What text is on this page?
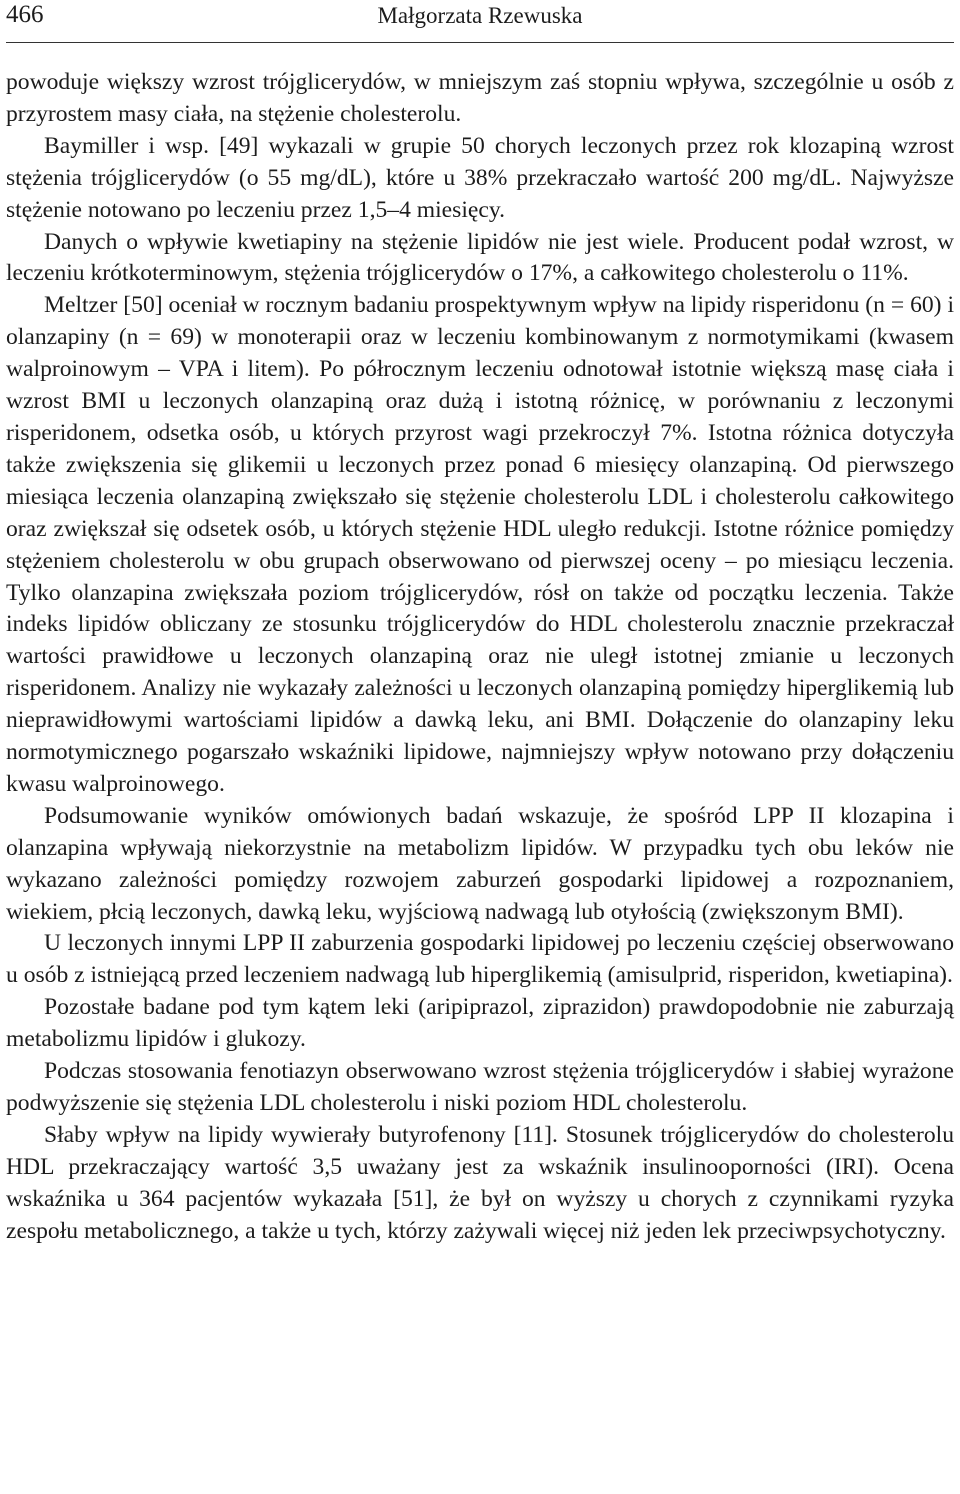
466	Małgorzata Rzewuska

powoduje większy wzrost trójglicerydów, w mniejszym zaś stopniu wpływa, szczególnie u osób z przyrostem masy ciała, na stężenie cholesterolu.

Baymiller i wsp. [49] wykazali w grupie 50 chorych leczonych przez rok klozapiną wzrost stężenia trójglicerydów (o 55 mg/dL), które u 38% przekraczało wartość 200 mg/dL. Najwyższe stężenie notowano po leczeniu przez 1,5–4 miesięcy.

Danych o wpływie kwetiapiny na stężenie lipidów nie jest wiele. Producent podał wzrost, w leczeniu krótkoterminowym, stężenia trójglicerydów o 17%, a całkowitego cholesterolu o 11%.

Meltzer [50] oceniał w rocznym badaniu prospektywnym wpływ na lipidy risperidonu (n = 60) i olanzapiny (n = 69) w monoterapii oraz w leczeniu kombinowanym z normotymikami (kwasem walproinowym – VPA i litem). Po półrocznym leczeniu odnotował istotnie większą masę ciała i wzrost BMI u leczonych olanzapiną oraz dużą i istotną różnicę, w porównaniu z leczonymi risperidonem, odsetka osób, u których przyrost wagi przekroczył 7%. Istotna różnica dotyczyła także zwiększenia się glikemii u leczonych przez ponad 6 miesięcy olanzapiną. Od pierwszego miesiąca leczenia olanzapiną zwiększało się stężenie cholesterolu LDL i cholesterolu całkowitego oraz zwiększał się odsetek osób, u których stężenie HDL uległo redukcji. Istotne różnice pomiędzy stężeniem cholesterolu w obu grupach obserwowano od pierwszej oceny – po miesiącu leczenia. Tylko olanzapina zwiększała poziom trójglicerydów, rósł on także od początku leczenia. Także indeks lipidów obliczany ze stosunku trójglicerydów do HDL cholesterolu znacznie przekraczał wartości prawidłowe u leczonych olanzapiną oraz nie uległ istotnej zmianie u leczonych risperidonem. Analizy nie wykazały zależności u leczonych olanzapiną pomiędzy hiperglikemią lub nieprawidłowymi wartościami lipidów a dawką leku, ani BMI. Dołączenie do olanzapiny leku normotymicznego pogarszało wskaźniki lipidowe, najmniejszy wpływ notowano przy dołączeniu kwasu walproinowego.

Podsumowanie wyników omówionych badań wskazuje, że spośród LPP II klozapina i olanzapina wpływają niekorzystnie na metabolizm lipidów. W przypadku tych obu leków nie wykazano zależności pomiędzy rozwojem zaburzeń gospodarki lipidowej a rozpoznaniem, wiekiem, płcią leczonych, dawką leku, wyjściową nadwagą lub otyłością (zwiększonym BMI).

U leczonych innymi LPP II zaburzenia gospodarki lipidowej po leczeniu częściej obserwowano u osób z istniejącą przed leczeniem nadwagą lub hiperglikemią (amisulprid, risperidon, kwetiapina).

Pozostałe badane pod tym kątem leki (aripiprazol, ziprazidon) prawdopodobnie nie zaburzają metabolizmu lipidów i glukozy.

Podczas stosowania fenotiazyn obserwowano wzrost stężenia trójglicerydów i słabiej wyrażone podwyższenie się stężenia LDL cholesterolu i niski poziom HDL cholesterolu.

Słaby wpływ na lipidy wywierały butyrofenony [11]. Stosunek trójglicerydów do cholesterolu HDL przekraczający wartość 3,5 uważany jest za wskaźnik insulinooporności (IRI). Ocena wskaźnika u 364 pacjentów wykazała [51], że był on wyższy u chorych z czynnikami ryzyka zespołu metabolicznego, a także u tych, którzy zażywali więcej niż jeden lek przeciwpsychotyczny.
